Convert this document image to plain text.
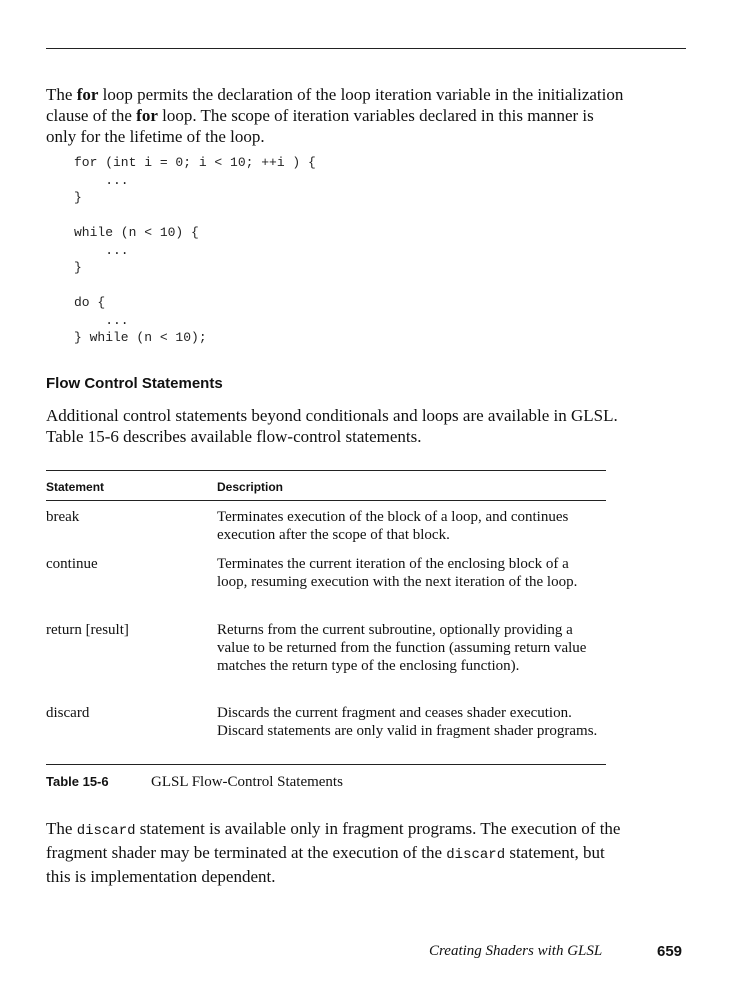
The for loop permits the declaration of the loop iteration variable in the initialization clause of the for loop. The scope of iteration variables declared in this manner is only for the lifetime of the loop.

for (int i = 0; i < 10; ++i ) {
...
}
while (n < 10) {
...
}
do {
...
} while (n < 10);
Flow Control Statements

Additional control statements beyond conditionals and loops are available in GLSL. Table 15-6 describes available flow-control statements.

Statement	Description
break	Terminates execution of the block of a loop, and continues execution after the scope of that block.
continue	Terminates the current iteration of the enclosing block of a loop, resuming execution with the next iteration of the loop.
return [result]	Returns from the current subroutine, optionally providing a value to be returned from the function (assuming return value matches the return type of the enclosing function).
discard	Discards the current fragment and ceases shader execution. Discard statements are only valid in fragment shader programs.
Table 15-6	GLSL Flow-Control Statements

The discard statement is available only in fragment programs. The execution of the fragment shader may be terminated at the execution of the discard statement, but this is implementation dependent.

Creating Shaders with GLSL	659
